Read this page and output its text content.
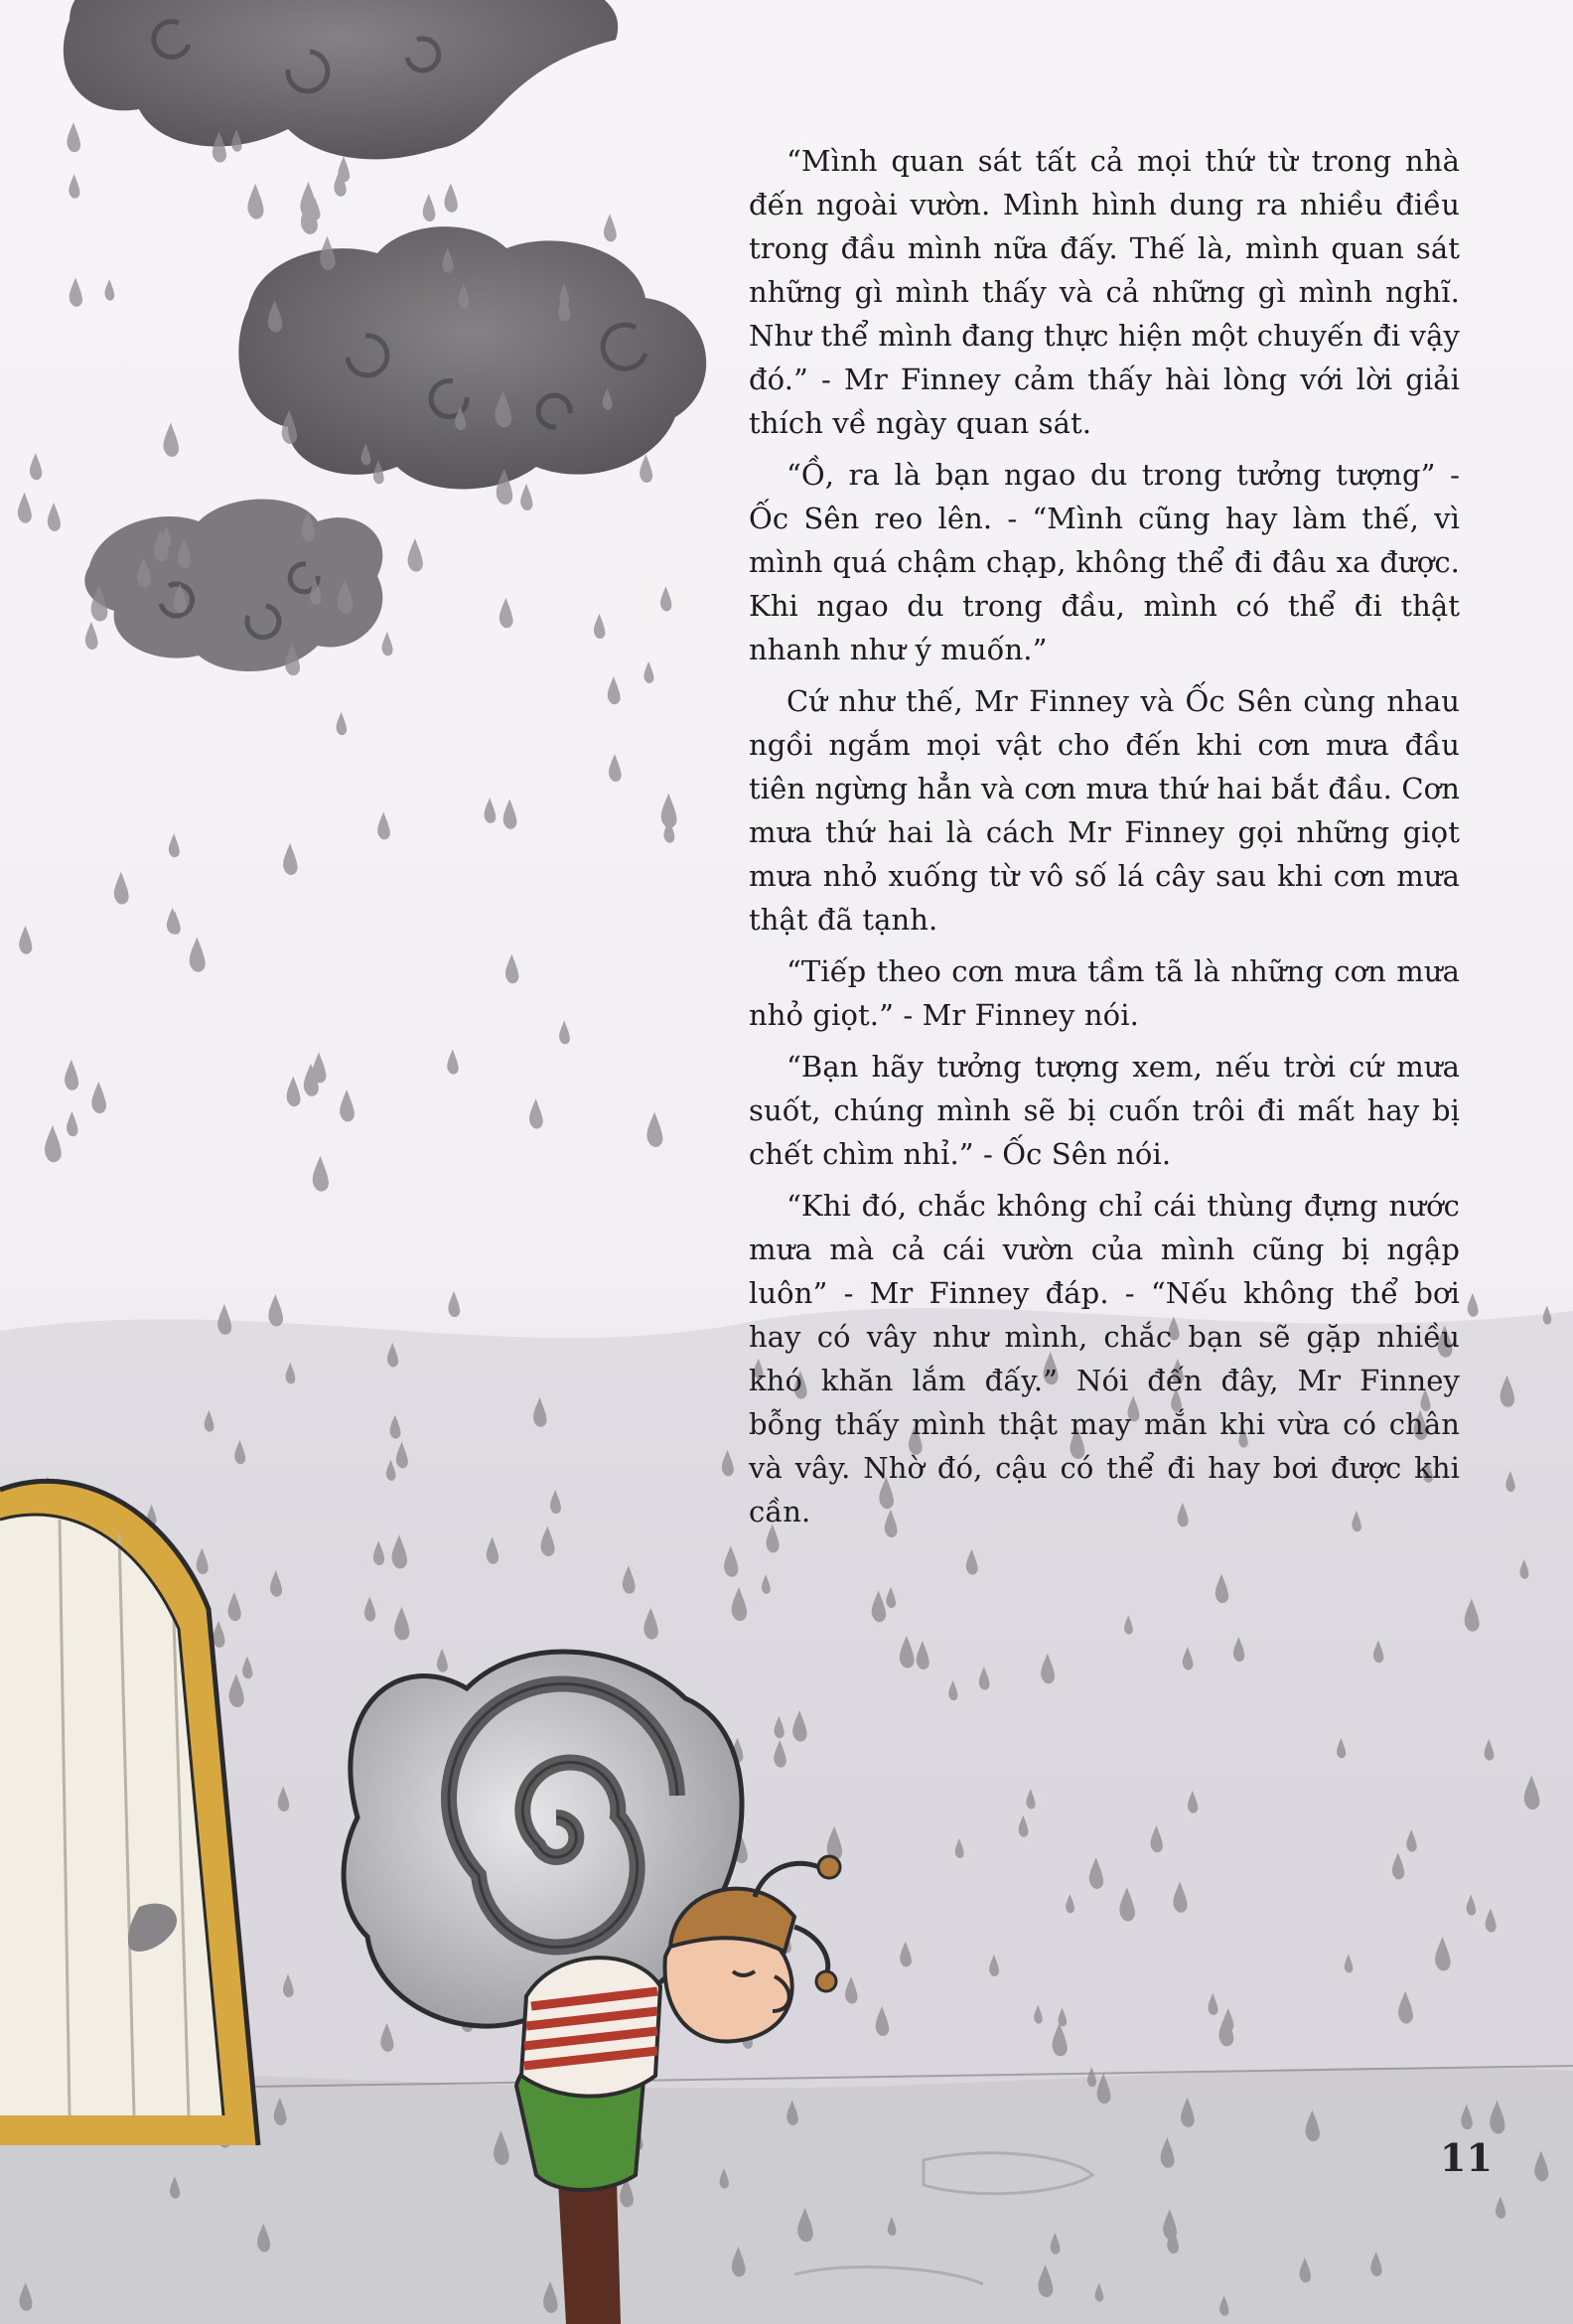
“Mình quan sát tất cả mọi thứ từ trong nhà đến ngoài vườn. Mình hình dung ra nhiều điều trong đầu mình nữa đấy. Thế là, mình quan sát những gì mình thấy và cả những gì mình nghĩ. Như thể mình đang thực hiện một chuyến đi vậy đó.” - Mr Finney cảm thấy hài lòng với lời giải thích về ngày quan sát.

“Ồ, ra là bạn ngao du trong tưởng tượng” - Ốc Sên reo lên. - “Mình cũng hay làm thế, vì mình quá chậm chạp, không thể đi đâu xa được. Khi ngao du trong đầu, mình có thể đi thật nhanh như ý muốn.”

Cứ như thế, Mr Finney và Ốc Sên cùng nhau ngồi ngắm mọi vật cho đến khi cơn mưa đầu tiên ngừng hẳn và cơn mưa thứ hai bắt đầu. Cơn mưa thứ hai là cách Mr Finney gọi những giọt mưa nhỏ xuống từ vô số lá cây sau khi cơn mưa thật đã tạnh.

“Tiếp theo cơn mưa tầm tã là những cơn mưa nhỏ giọt.” - Mr Finney nói.

“Bạn hãy tưởng tượng xem, nếu trời cứ mưa suốt, chúng mình sẽ bị cuốn trôi đi mất hay bị chết chìm nhỉ.” - Ốc Sên nói.

“Khi đó, chắc không chỉ cái thùng đựng nước mưa mà cả cái vườn của mình cũng bị ngập luôn” - Mr Finney đáp. - “Nếu không thể bơi hay có vây như mình, chắc bạn sẽ gặp nhiều khó khăn lắm đấy.” Nói đến đây, Mr Finney bỗng thấy mình thật may mắn khi vừa có chân và vây. Nhờ đó, cậu có thể đi hay bơi được khi cần.

11
